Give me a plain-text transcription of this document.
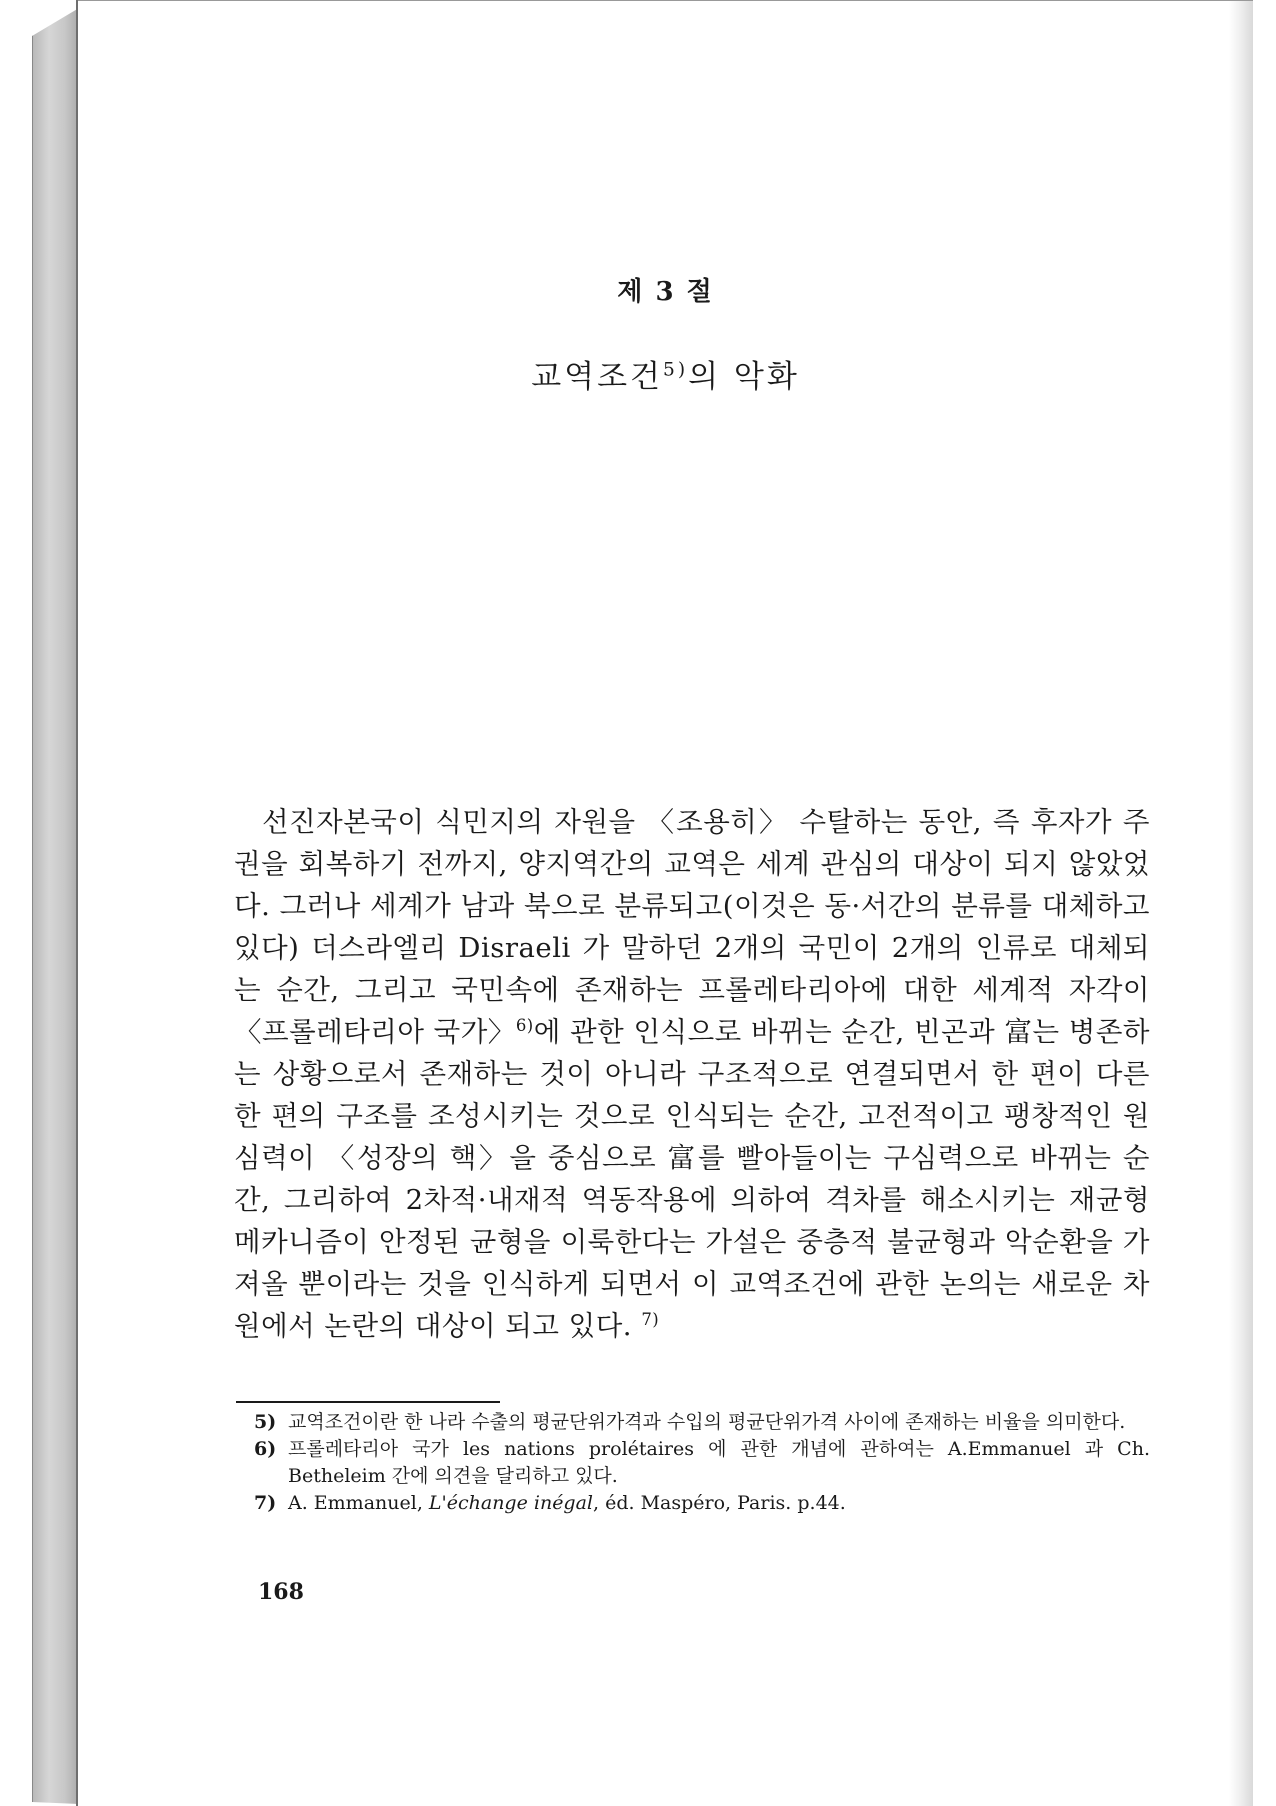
제 3 절
교역조건$^{5)}$의 악화

선진자본국이 식민지의 자원을 〈조용히〉 수탈하는 동안, 즉 후자가 주권을 회복하기 전까지, 양지역간의 교역은 세계 관심의 대상이 되지 않았었다. 그러나 세계가 남과 북으로 분류되고(이것은 동·서간의 분류를 대체하고 있다) 더스라엘리 Disraeli 가 말하던 2개의 국민이 2개의 인류로 대체되는 순간, 그리고 국민속에 존재하는 프롤레타리아에 대한 세계적 자각이 〈프롤레타리아 국가〉$^{6)}$에 관한 인식으로 바뀌는 순간, 빈곤과 富는 병존하는 상황으로서 존재하는 것이 아니라 구조적으로 연결되면서 한 편이 다른 한 편의 구조를 조성시키는 것으로 인식되는 순간, 고전적이고 팽창적인 원심력이 〈성장의 핵〉을 중심으로 富를 빨아들이는 구심력으로 바뀌는 순간, 그리하여 2차적·내재적 역동작용에 의하여 격차를 해소시키는 재균형 메카니즘이 안정된 균형을 이룩한다는 가설은 중층적 불균형과 악순환을 가져올 뿐이라는 것을 인식하게 되면서 이 교역조건에 관한 논의는 새로운 차원에서 논란의 대상이 되고 있다. $^{7)}$

5) 교역조건이란 한 나라 수출의 평균단위가격과 수입의 평균단위가격 사이에 존재하는 비율을 의미한다.

6) 프롤레타리아 국가 les nations prolétaires 에 관한 개념에 관하여는 A.Emmanuel 과 Ch. Betheleim 간에 의견을 달리하고 있다.

7) A. Emmanuel, L'échange inégal, éd. Maspéro, Paris. p.44.

168
